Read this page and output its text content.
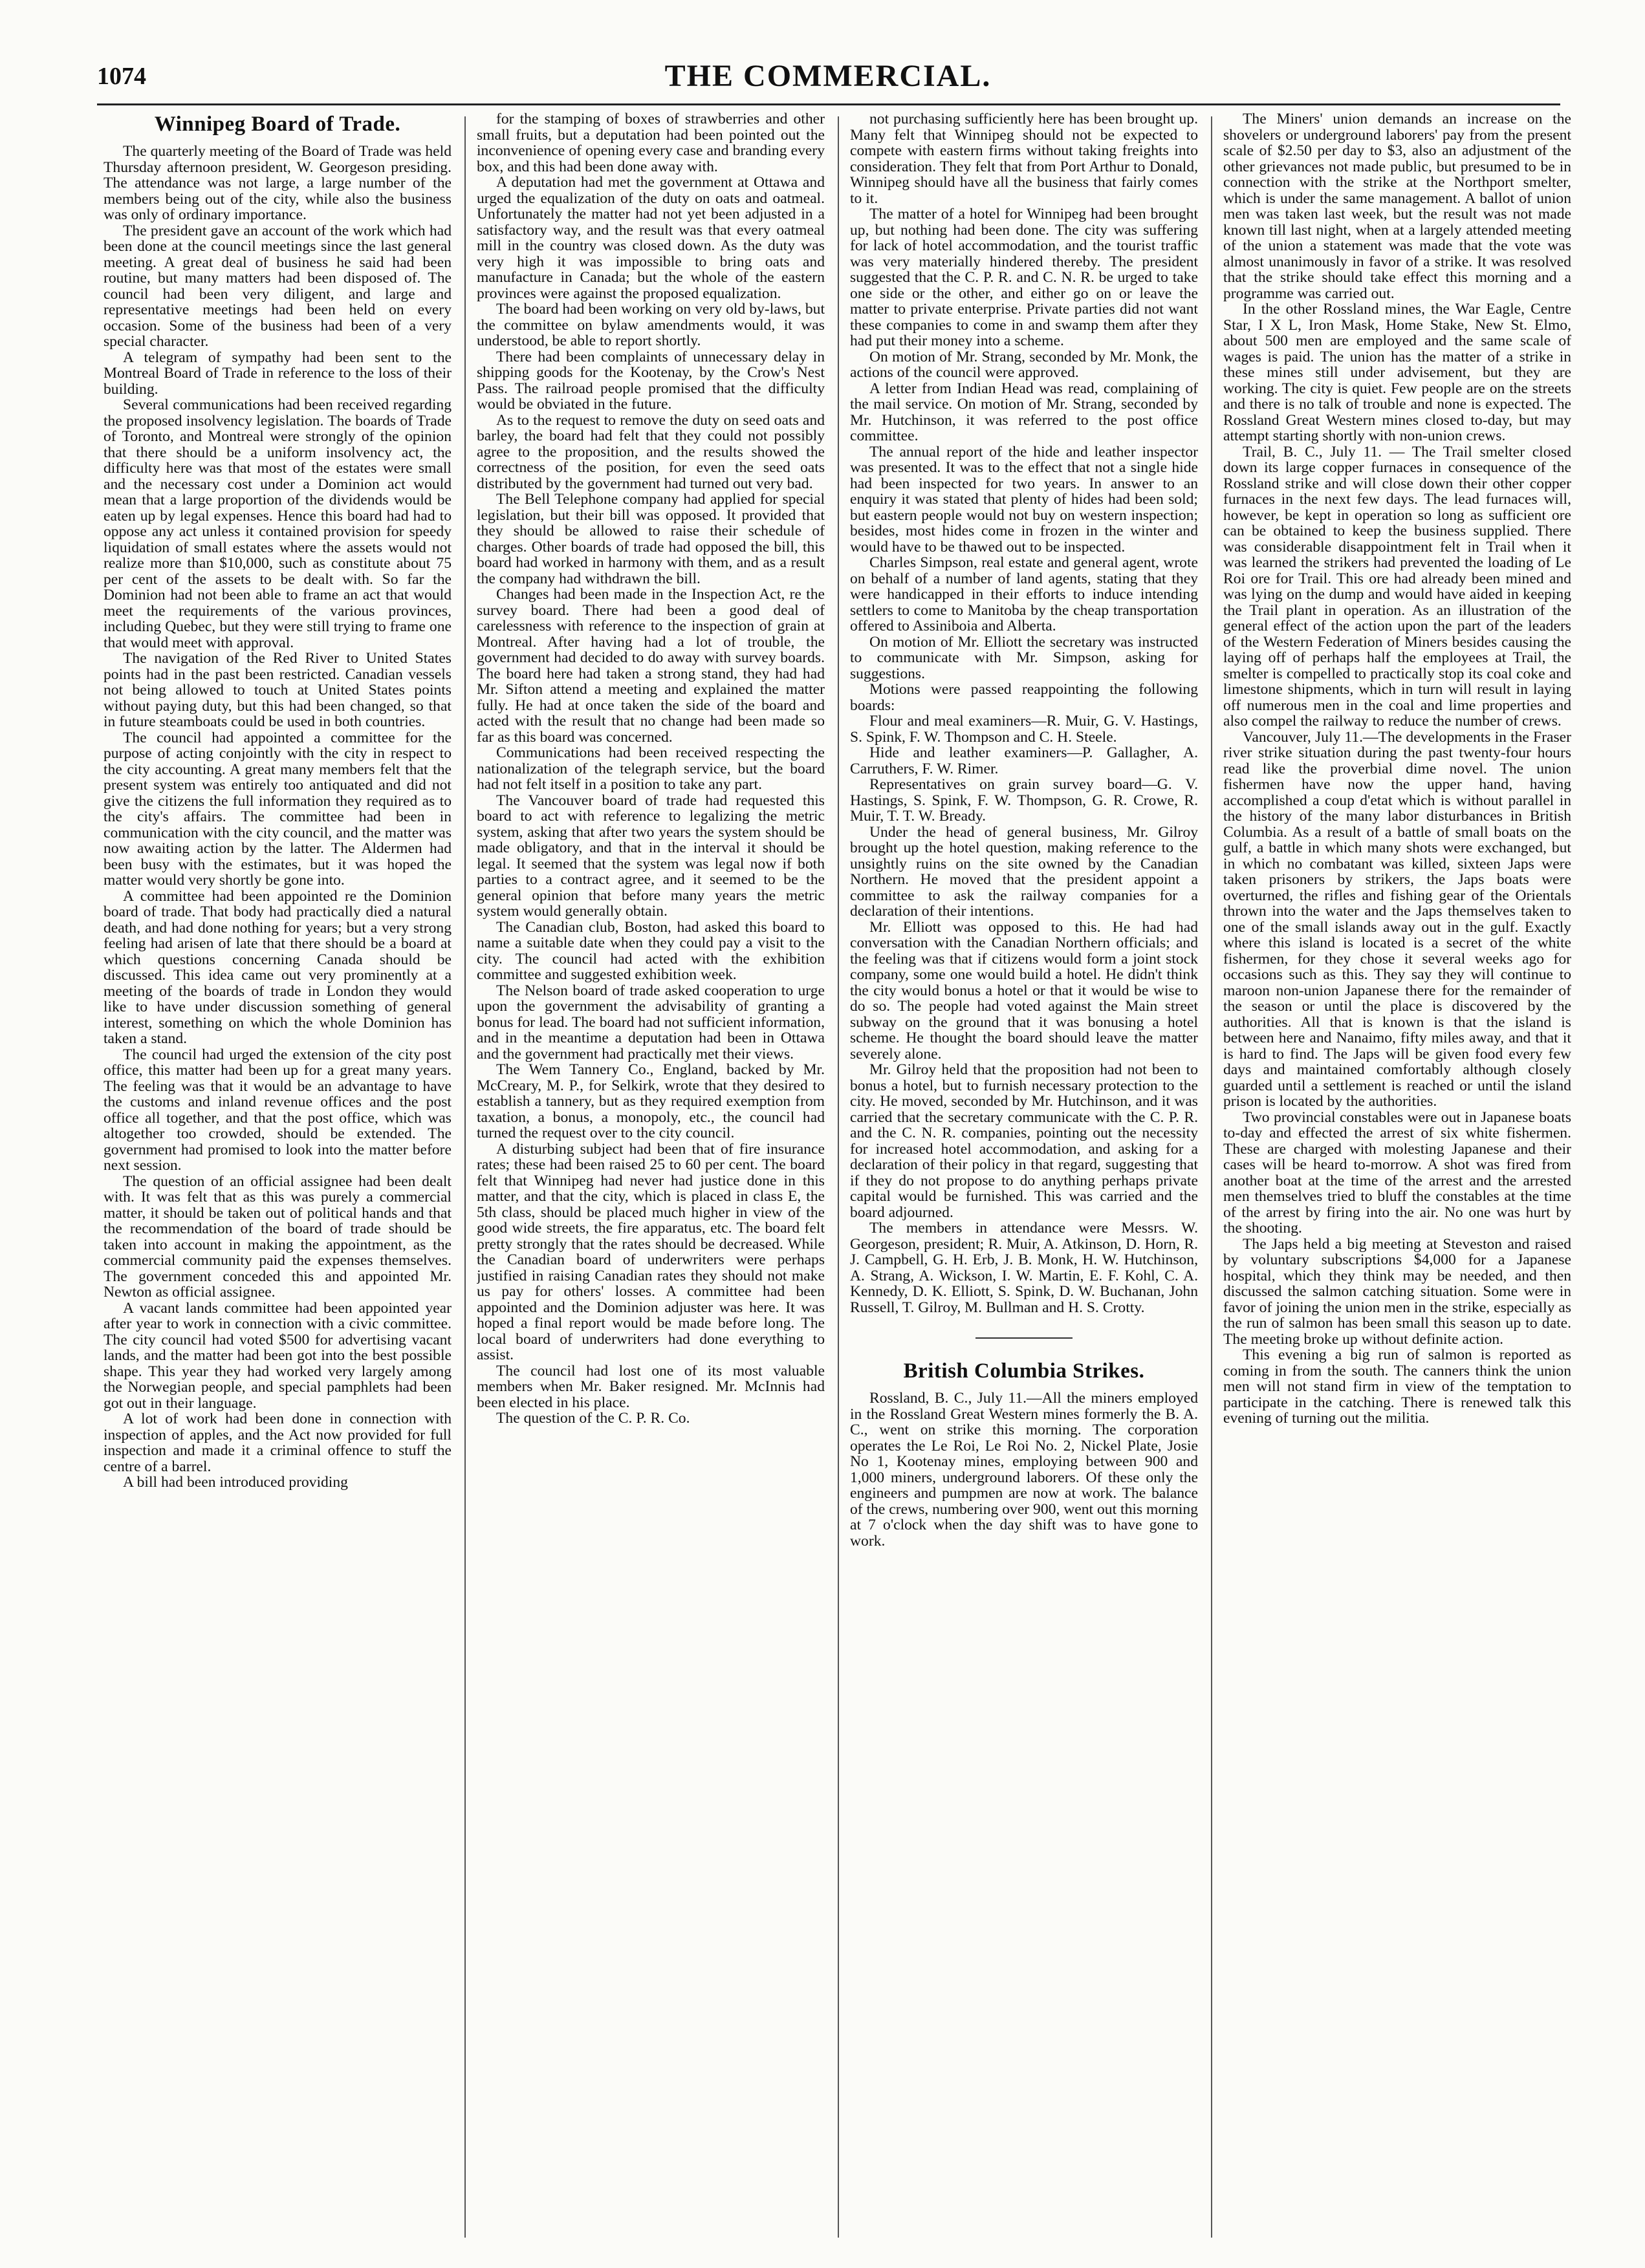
1074	THE COMMERCIAL.
Winnipeg Board of Trade.

The quarterly meeting of the Board of Trade was held Thursday afternoon president, W. Georgeson presiding. The attendance was not large, a large number of the members being out of the city, while also the business was only of ordinary importance.

The president gave an account of the work which had been done at the council meetings since the last general meeting. A great deal of business he said had been routine, but many matters had been disposed of. The council had been very diligent, and large and representative meetings had been held on every occasion. Some of the business had been of a very special character.

A telegram of sympathy had been sent to the Montreal Board of Trade in reference to the loss of their building.

Several communications had been received regarding the proposed insolvency legislation. The boards of Trade of Toronto, and Montreal were strongly of the opinion that there should be a uniform insolvency act, the difficulty here was that most of the estates were small and the necessary cost under a Dominion act would mean that a large proportion of the dividends would be eaten up by legal expenses. Hence this board had had to oppose any act unless it contained provision for speedy liquidation of small estates where the assets would not realize more than $10,000, such as constitute about 75 per cent of the assets to be dealt with. So far the Dominion had not been able to frame an act that would meet the requirements of the various provinces, including Quebec, but they were still trying to frame one that would meet with approval.

The navigation of the Red River to United States points had in the past been restricted. Canadian vessels not being allowed to touch at United States points without paying duty, but this had been changed, so that in future steamboats could be used in both countries.

The council had appointed a committee for the purpose of acting conjointly with the city in respect to the city accounting. A great many members felt that the present system was entirely too antiquated and did not give the citizens the full information they required as to the city's affairs. The committee had been in communication with the city council, and the matter was now awaiting action by the latter. The Aldermen had been busy with the estimates, but it was hoped the matter would very shortly be gone into.

A committee had been appointed re the Dominion board of trade. That body had practically died a natural death, and had done nothing for years; but a very strong feeling had arisen of late that there should be a board at which questions concerning Canada should be discussed. This idea came out very prominently at a meeting of the boards of trade in London they would like to have under discussion something of general interest, something on which the whole Dominion has taken a stand.

The council had urged the extension of the city post office, this matter had been up for a great many years. The feeling was that it would be an advantage to have the customs and inland revenue offices and the post office all together, and that the post office, which was altogether too crowded, should be extended. The government had promised to look into the matter before next session.

The question of an official assignee had been dealt with. It was felt that as this was purely a commercial matter, it should be taken out of political hands and that the recommendation of the board of trade should be taken into account in making the appointment, as the commercial community paid the expenses themselves. The government conceded this and appointed Mr. Newton as official assignee.

A vacant lands committee had been appointed year after year to work in connection with a civic committee. The city council had voted $500 for advertising vacant lands, and the matter had been got into the best possible shape. This year they had worked very largely among the Norwegian people, and special pamphlets had been got out in their language.

A lot of work had been done in connection with inspection of apples, and the Act now provided for full inspection and made it a criminal offence to stuff the centre of a barrel.

A bill had been introduced providing

for the stamping of boxes of strawberries and other small fruits, but a deputation had been pointed out the inconvenience of opening every case and branding every box, and this had been done away with.

A deputation had met the government at Ottawa and urged the equalization of the duty on oats and oatmeal. Unfortunately the matter had not yet been adjusted in a satisfactory way, and the result was that every oatmeal mill in the country was closed down. As the duty was very high it was impossible to bring oats and manufacture in Canada; but the whole of the eastern provinces were against the proposed equalization.

The board had been working on very old by-laws, but the committee on bylaw amendments would, it was understood, be able to report shortly.

There had been complaints of unnecessary delay in shipping goods for the Kootenay, by the Crow's Nest Pass. The railroad people promised that the difficulty would be obviated in the future.

As to the request to remove the duty on seed oats and barley, the board had felt that they could not possibly agree to the proposition, and the results showed the correctness of the position, for even the seed oats distributed by the government had turned out very bad.

The Bell Telephone company had applied for special legislation, but their bill was opposed. It provided that they should be allowed to raise their schedule of charges. Other boards of trade had opposed the bill, this board had worked in harmony with them, and as a result the company had withdrawn the bill.

Changes had been made in the Inspection Act, re the survey board. There had been a good deal of carelessness with reference to the inspection of grain at Montreal. After having had a lot of trouble, the government had decided to do away with survey boards. The board here had taken a strong stand, they had had Mr. Sifton attend a meeting and explained the matter fully. He had at once taken the side of the board and acted with the result that no change had been made so far as this board was concerned.

Communications had been received respecting the nationalization of the telegraph service, but the board had not felt itself in a position to take any part.

The Vancouver board of trade had requested this board to act with reference to legalizing the metric system, asking that after two years the system should be made obligatory, and that in the interval it should be legal. It seemed that the system was legal now if both parties to a contract agree, and it seemed to be the general opinion that before many years the metric system would generally obtain.

The Canadian club, Boston, had asked this board to name a suitable date when they could pay a visit to the city. The council had acted with the exhibition committee and suggested exhibition week.

The Nelson board of trade asked cooperation to urge upon the government the advisability of granting a bonus for lead. The board had not sufficient information, and in the meantime a deputation had been in Ottawa and the government had practically met their views.

The Wem Tannery Co., England, backed by Mr. McCreary, M. P., for Selkirk, wrote that they desired to establish a tannery, but as they required exemption from taxation, a bonus, a monopoly, etc., the council had turned the request over to the city council.

A disturbing subject had been that of fire insurance rates; these had been raised 25 to 60 per cent. The board felt that Winnipeg had never had justice done in this matter, and that the city, which is placed in class E, the 5th class, should be placed much higher in view of the good wide streets, the fire apparatus, etc. The board felt pretty strongly that the rates should be decreased. While the Canadian board of underwriters were perhaps justified in raising Canadian rates they should not make us pay for others' losses. A committee had been appointed and the Dominion adjuster was here. It was hoped a final report would be made before long. The local board of underwriters had done everything to assist.

The council had lost one of its most valuable members when Mr. Baker resigned. Mr. McInnis had been elected in his place.

The question of the C. P. R. Co.

not purchasing sufficiently here has been brought up. Many felt that Winnipeg should not be expected to compete with eastern firms without taking freights into consideration. They felt that from Port Arthur to Donald, Winnipeg should have all the business that fairly comes to it.

The matter of a hotel for Winnipeg had been brought up, but nothing had been done. The city was suffering for lack of hotel accommodation, and the tourist traffic was very materially hindered thereby. The president suggested that the C. P. R. and C. N. R. be urged to take one side or the other, and either go on or leave the matter to private enterprise. Private parties did not want these companies to come in and swamp them after they had put their money into a scheme.

On motion of Mr. Strang, seconded by Mr. Monk, the actions of the council were approved.

A letter from Indian Head was read, complaining of the mail service. On motion of Mr. Strang, seconded by Mr. Hutchinson, it was referred to the post office committee.

The annual report of the hide and leather inspector was presented. It was to the effect that not a single hide had been inspected for two years. In answer to an enquiry it was stated that plenty of hides had been sold; but eastern people would not buy on western inspection; besides, most hides come in frozen in the winter and would have to be thawed out to be inspected.

Charles Simpson, real estate and general agent, wrote on behalf of a number of land agents, stating that they were handicapped in their efforts to induce intending settlers to come to Manitoba by the cheap transportation offered to Assiniboia and Alberta.

On motion of Mr. Elliott the secretary was instructed to communicate with Mr. Simpson, asking for suggestions.

Motions were passed reappointing the following boards:

Flour and meal examiners—R. Muir, G. V. Hastings, S. Spink, F. W. Thompson and C. H. Steele.

Hide and leather examiners—P. Gallagher, A. Carruthers, F. W. Rimer.

Representatives on grain survey board—G. V. Hastings, S. Spink, F. W. Thompson, G. R. Crowe, R. Muir, T. T. W. Bready.

Under the head of general business, Mr. Gilroy brought up the hotel question, making reference to the unsightly ruins on the site owned by the Canadian Northern. He moved that the president appoint a committee to ask the railway companies for a declaration of their intentions.

Mr. Elliott was opposed to this. He had had conversation with the Canadian Northern officials; and the feeling was that if citizens would form a joint stock company, some one would build a hotel. He didn't think the city would bonus a hotel or that it would be wise to do so. The people had voted against the Main street subway on the ground that it was bonusing a hotel scheme. He thought the board should leave the matter severely alone.

Mr. Gilroy held that the proposition had not been to bonus a hotel, but to furnish necessary protection to the city. He moved, seconded by Mr. Hutchinson, and it was carried that the secretary communicate with the C. P. R. and the C. N. R. companies, pointing out the necessity for increased hotel accommodation, and asking for a declaration of their policy in that regard, suggesting that if they do not propose to do anything perhaps private capital would be furnished. This was carried and the board adjourned.

The members in attendance were Messrs. W. Georgeson, president; R. Muir, A. Atkinson, D. Horn, R. J. Campbell, G. H. Erb, J. B. Monk, H. W. Hutchinson, A. Strang, A. Wickson, I. W. Martin, E. F. Kohl, C. A. Kennedy, D. K. Elliott, S. Spink, D. W. Buchanan, John Russell, T. Gilroy, M. Bullman and H. S. Crotty.

British Columbia Strikes.

Rossland, B. C., July 11.—All the miners employed in the Rossland Great Western mines formerly the B. A. C., went on strike this morning. The corporation operates the Le Roi, Le Roi No. 2, Nickel Plate, Josie No 1, Kootenay mines, employing between 900 and 1,000 miners, underground laborers. Of these only the engineers and pumpmen are now at work. The balance of the crews, numbering over 900, went out this morning at 7 o'clock when the day shift was to have gone to work.

The Miners' union demands an increase on the shovelers or underground laborers' pay from the present scale of $2.50 per day to $3, also an adjustment of the other grievances not made public, but presumed to be in connection with the strike at the Northport smelter, which is under the same management. A ballot of union men was taken last week, but the result was not made known till last night, when at a largely attended meeting of the union a statement was made that the vote was almost unanimously in favor of a strike. It was resolved that the strike should take effect this morning and a programme was carried out.

In the other Rossland mines, the War Eagle, Centre Star, I X L, Iron Mask, Home Stake, New St. Elmo, about 500 men are employed and the same scale of wages is paid. The union has the matter of a strike in these mines still under advisement, but they are working. The city is quiet. Few people are on the streets and there is no talk of trouble and none is expected. The Rossland Great Western mines closed to-day, but may attempt starting shortly with non-union crews.

Trail, B. C., July 11. — The Trail smelter closed down its large copper furnaces in consequence of the Rossland strike and will close down their other copper furnaces in the next few days. The lead furnaces will, however, be kept in operation so long as sufficient ore can be obtained to keep the business supplied. There was considerable disappointment felt in Trail when it was learned the strikers had prevented the loading of Le Roi ore for Trail. This ore had already been mined and was lying on the dump and would have aided in keeping the Trail plant in operation. As an illustration of the general effect of the action upon the part of the leaders of the Western Federation of Miners besides causing the laying off of perhaps half the employees at Trail, the smelter is compelled to practically stop its coal coke and limestone shipments, which in turn will result in laying off numerous men in the coal and lime properties and also compel the railway to reduce the number of crews.

Vancouver, July 11.—The developments in the Fraser river strike situation during the past twenty-four hours read like the proverbial dime novel. The union fishermen have now the upper hand, having accomplished a coup d'etat which is without parallel in the history of the many labor disturbances in British Columbia. As a result of a battle of small boats on the gulf, a battle in which many shots were exchanged, but in which no combatant was killed, sixteen Japs were taken prisoners by strikers, the Japs boats were overturned, the rifles and fishing gear of the Orientals thrown into the water and the Japs themselves taken to one of the small islands away out in the gulf. Exactly where this island is located is a secret of the white fishermen, for they chose it several weeks ago for occasions such as this. They say they will continue to maroon non-union Japanese there for the remainder of the season or until the place is discovered by the authorities. All that is known is that the island is between here and Nanaimo, fifty miles away, and that it is hard to find. The Japs will be given food every few days and maintained comfortably although closely guarded until a settlement is reached or until the island prison is located by the authorities.

Two provincial constables were out in Japanese boats to-day and effected the arrest of six white fishermen. These are charged with molesting Japanese and their cases will be heard to-morrow. A shot was fired from another boat at the time of the arrest and the arrested men themselves tried to bluff the constables at the time of the arrest by firing into the air. No one was hurt by the shooting.

The Japs held a big meeting at Steveston and raised by voluntary subscriptions $4,000 for a Japanese hospital, which they think may be needed, and then discussed the salmon catching situation. Some were in favor of joining the union men in the strike, especially as the run of salmon has been small this season up to date. The meeting broke up without definite action.

This evening a big run of salmon is reported as coming in from the south. The canners think the union men will not stand firm in view of the temptation to participate in the catching. There is renewed talk this evening of turning out the militia.
